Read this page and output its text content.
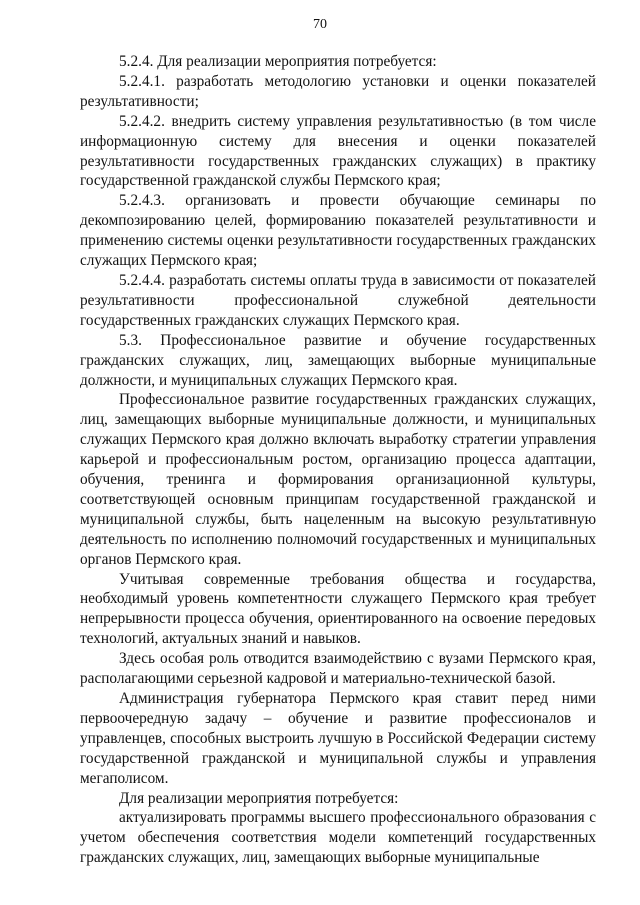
70

5.2.4. Для реализации мероприятия потребуется:

5.2.4.1. разработать методологию установки и оценки показателей результативности;

5.2.4.2. внедрить систему управления результативностью (в том числе информационную систему для внесения и оценки показателей результативности государственных гражданских служащих) в практику государственной гражданской службы Пермского края;

5.2.4.3. организовать и провести обучающие семинары по декомпозированию целей, формированию показателей результативности и применению системы оценки результативности государственных гражданских служащих Пермского края;

5.2.4.4. разработать системы оплаты труда в зависимости от показателей результативности профессиональной служебной деятельности государственных гражданских служащих Пермского края.

5.3. Профессиональное развитие и обучение государственных гражданских служащих, лиц, замещающих выборные муниципальные должности, и муниципальных служащих Пермского края.

Профессиональное развитие государственных гражданских служащих, лиц, замещающих выборные муниципальные должности, и муниципальных служащих Пермского края должно включать выработку стратегии управления карьерой и профессиональным ростом, организацию процесса адаптации, обучения, тренинга и формирования организационной культуры, соответствующей основным принципам государственной гражданской и муниципальной службы, быть нацеленным на высокую результативную деятельность по исполнению полномочий государственных и муниципальных органов Пермского края.

Учитывая современные требования общества и государства, необходимый уровень компетентности служащего Пермского края требует непрерывности процесса обучения, ориентированного на освоение передовых технологий, актуальных знаний и навыков.

Здесь особая роль отводится взаимодействию с вузами Пермского края, располагающими серьезной кадровой и материально-технической базой.

Администрация губернатора Пермского края ставит перед ними первоочередную задачу – обучение и развитие профессионалов и управленцев, способных выстроить лучшую в Российской Федерации систему государственной гражданской и муниципальной службы и управления мегаполисом.

Для реализации мероприятия потребуется:

актуализировать программы высшего профессионального образования с учетом обеспечения соответствия модели компетенций государственных гражданских служащих, лиц, замещающих выборные муниципальные
